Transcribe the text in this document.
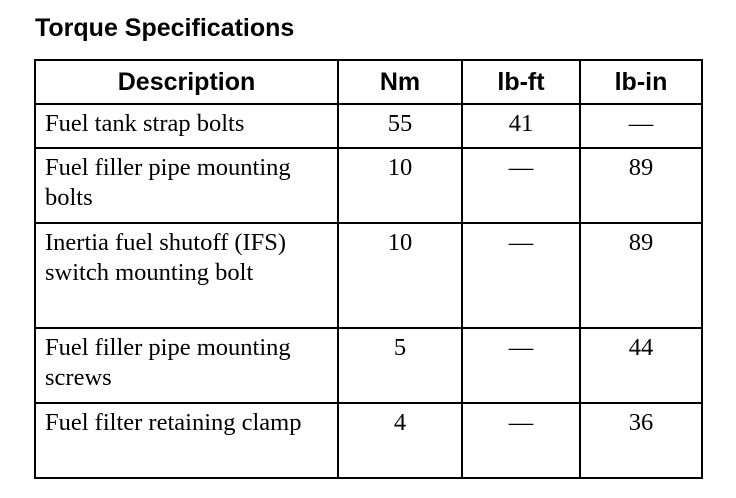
Torque Specifications
Description	Nm	lb-ft	lb-in
Fuel tank strap bolts	55	41	—
Fuel filler pipe mounting bolts	10	—	89
Inertia fuel shutoff (IFS) switch mounting bolt	10	—	89
Fuel filler pipe mounting screws	5	—	44
Fuel filter retaining clamp	4	—	36
